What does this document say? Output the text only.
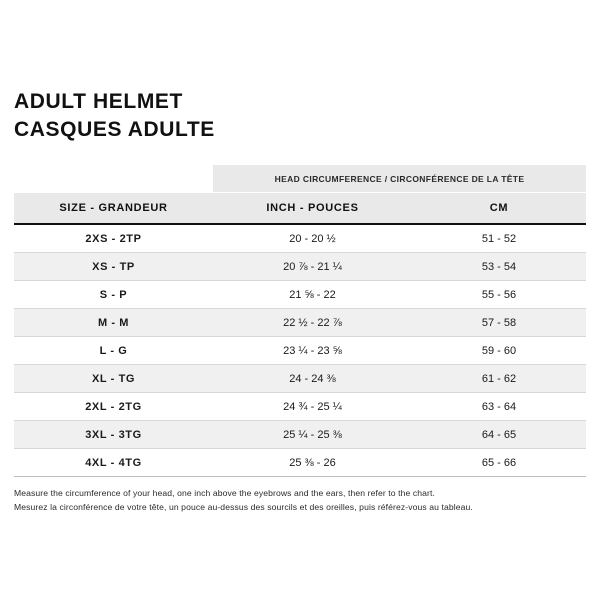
ADULT HELMET
CASQUES ADULTE
	HEAD CIRCUMFERENCE / CIRCONFÉRENCE DE LA TÊTE	
SIZE - GRANDEUR	INCH - POUCES	CM
2XS - 2TP	20 - 20 ½	51 - 52
XS - TP	20 ⅞ - 21 ¼	53 - 54
S - P	21 ⅝ - 22	55 - 56
M - M	22 ½ - 22 ⅞	57 - 58
L - G	23 ¼ - 23 ⅝	59 - 60
XL - TG	24 - 24 ⅜	61 - 62
2XL - 2TG	24 ¾ - 25 ¼	63 - 64
3XL - 3TG	25 ¼ - 25 ⅜	64 - 65
4XL - 4TG	25 ⅜ - 26	65 - 66
Measure the circumference of your head, one inch above the eyebrows and the ears, then refer to the chart.
Mesurez la circonférence de votre tête, un pouce au-dessus des sourcils et des oreilles, puis référez-vous au tableau.
